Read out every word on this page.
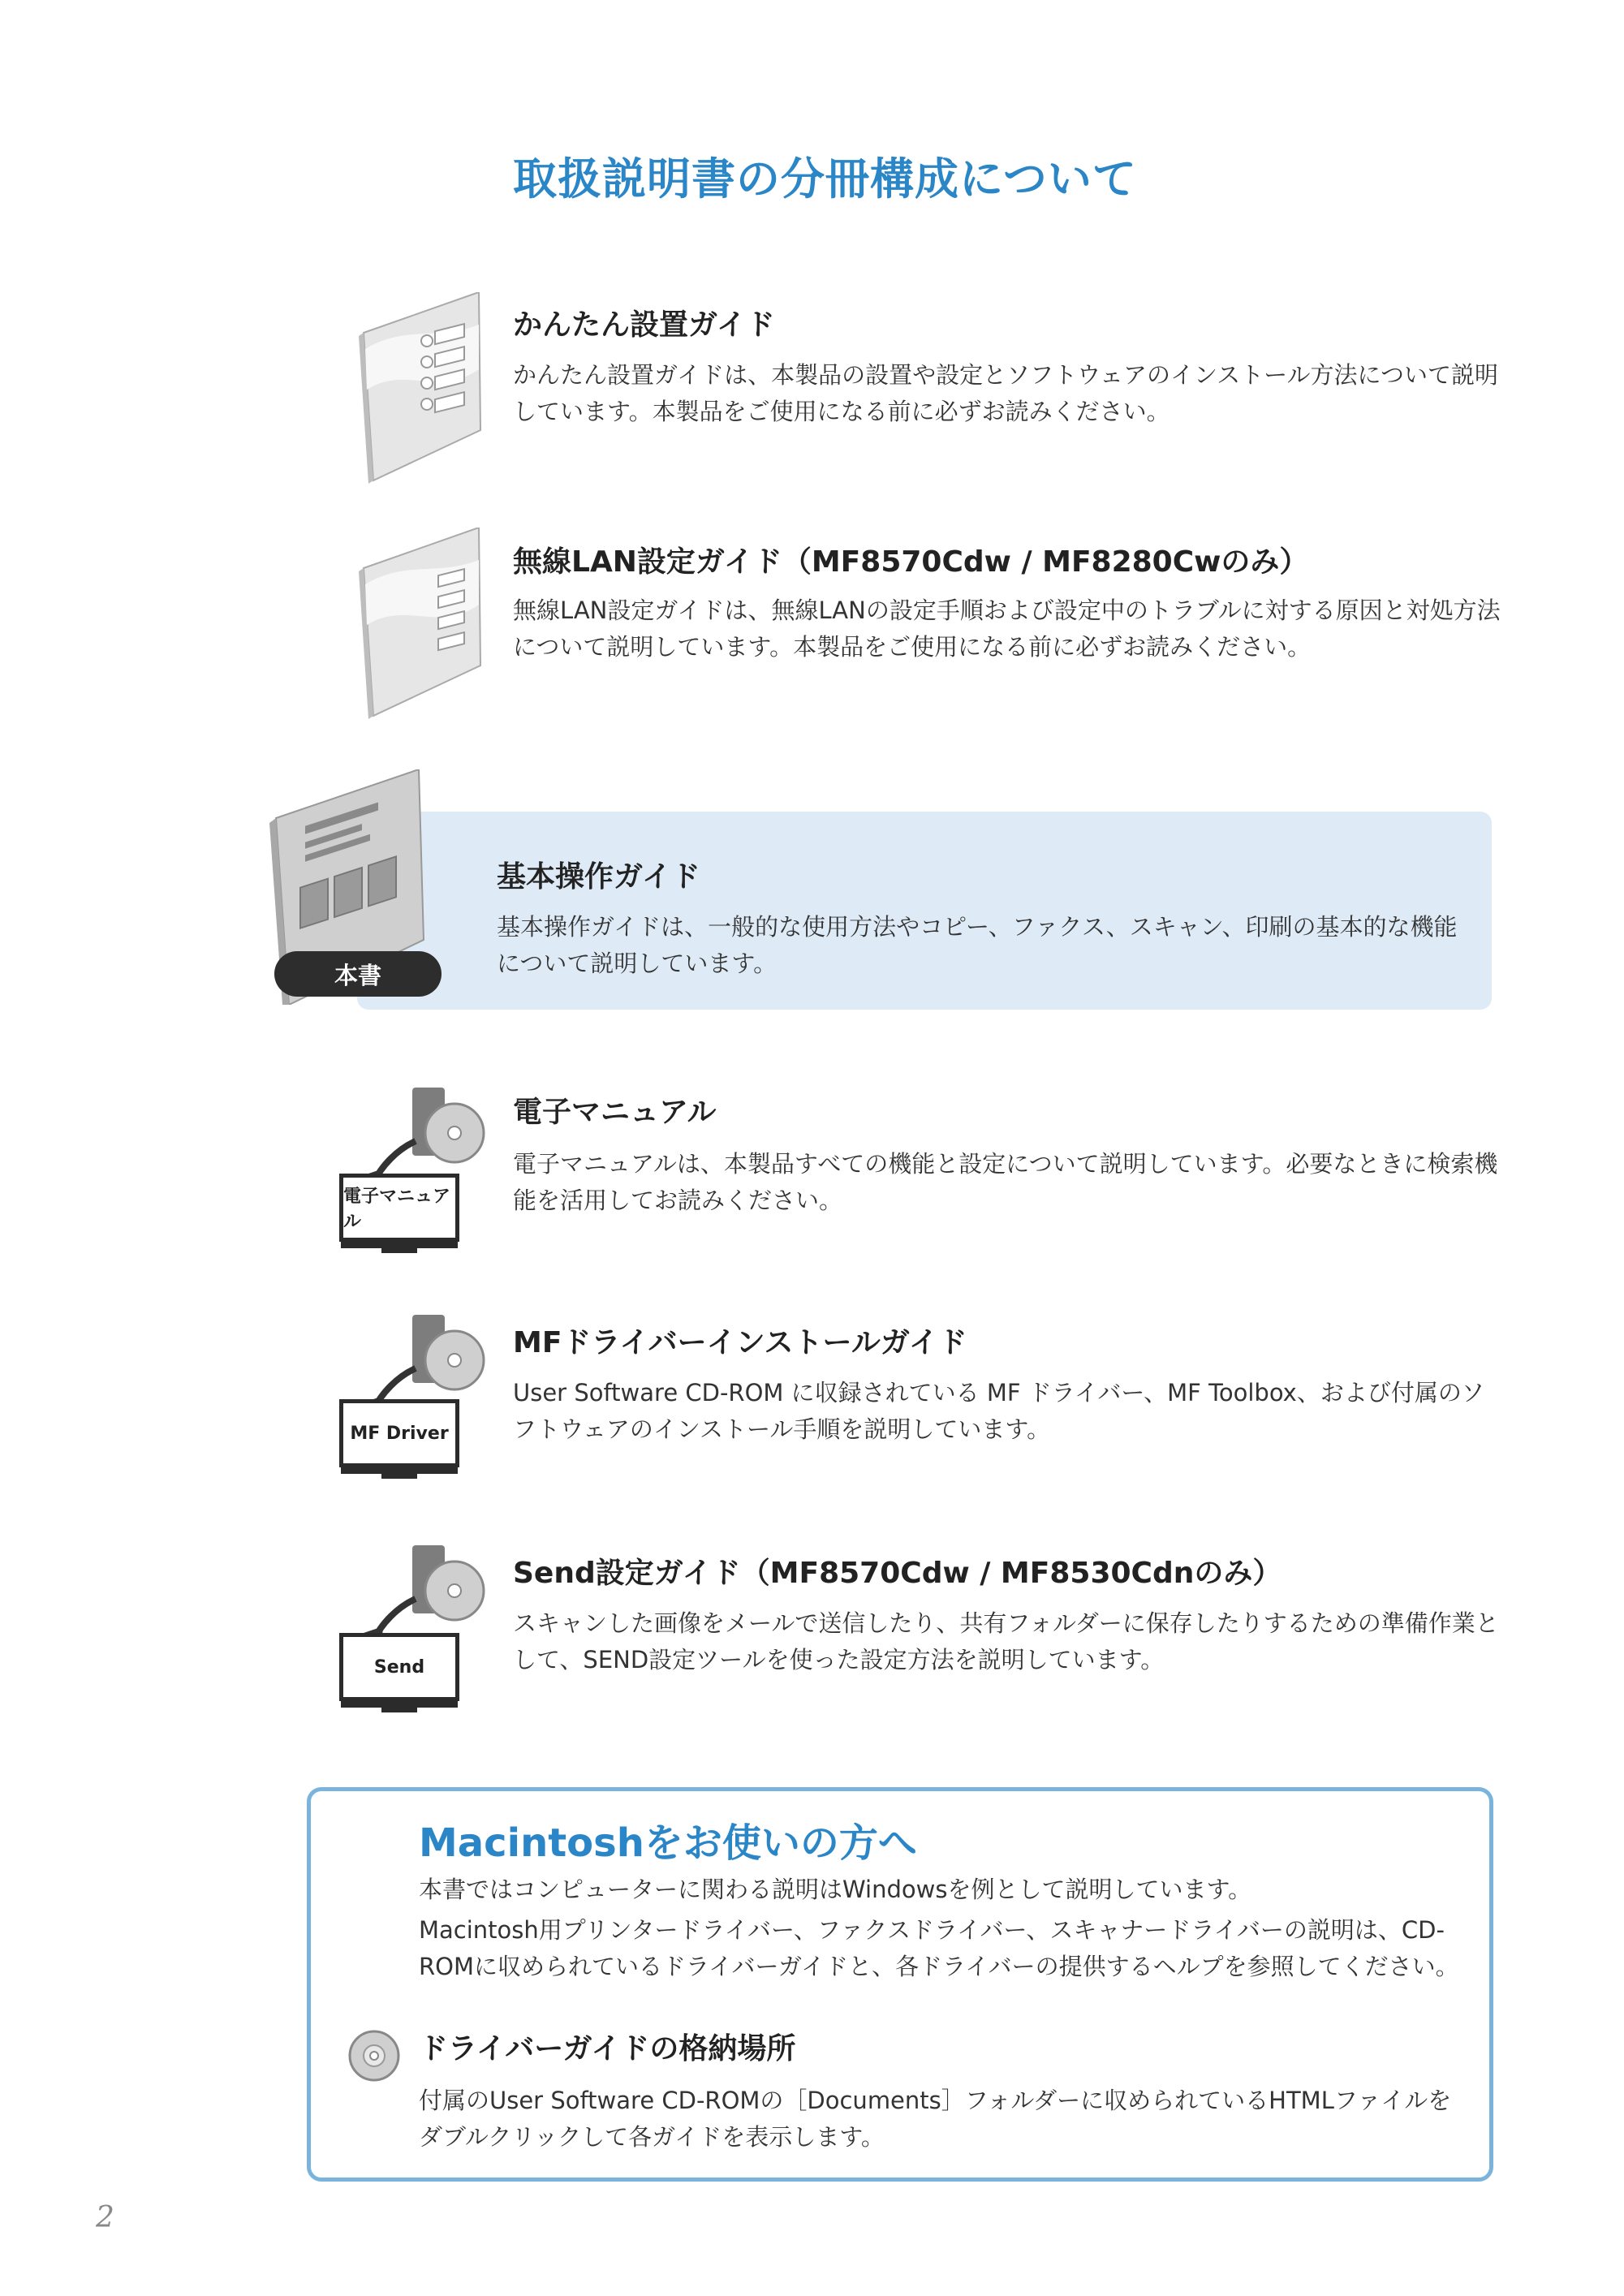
取扱説明書の分冊構成について
かんたん設置ガイド
かんたん設置ガイドは、本製品の設置や設定とソフトウェアのインストール方法について説明しています。本製品をご使用になる前に必ずお読みください。
無線LAN設定ガイド（MF8570Cdw / MF8280Cwのみ）
無線LAN設定ガイドは、無線LANの設定手順および設定中のトラブルに対する原因と対処方法について説明しています。本製品をご使用になる前に必ずお読みください。
本書
基本操作ガイド
基本操作ガイドは、一般的な使用方法やコピー、ファクス、スキャン、印刷の基本的な機能について説明しています。
電子マニュアル
電子マニュアル
電子マニュアルは、本製品すべての機能と設定について説明しています。必要なときに検索機能を活用してお読みください。
MF Driver
MFドライバーインストールガイド
User Software CD-ROM に収録されている MF ドライバー、MF Toolbox、および付属のソフトウェアのインストール手順を説明しています。
Send
Send設定ガイド（MF8570Cdw / MF8530Cdnのみ）
スキャンした画像をメールで送信したり、共有フォルダーに保存したりするための準備作業として、SEND設定ツールを使った設定方法を説明しています。
Macintoshをお使いの方へ
本書ではコンピューターに関わる説明はWindowsを例として説明しています。
Macintosh用プリンタードライバー、ファクスドライバー、スキャナードライバーの説明は、CD-ROMに収められているドライバーガイドと、各ドライバーの提供するヘルプを参照してください。
ドライバーガイドの格納場所
付属のUser Software CD-ROMの［Documents］フォルダーに収められているHTMLファイルをダブルクリックして各ガイドを表示します。
2
